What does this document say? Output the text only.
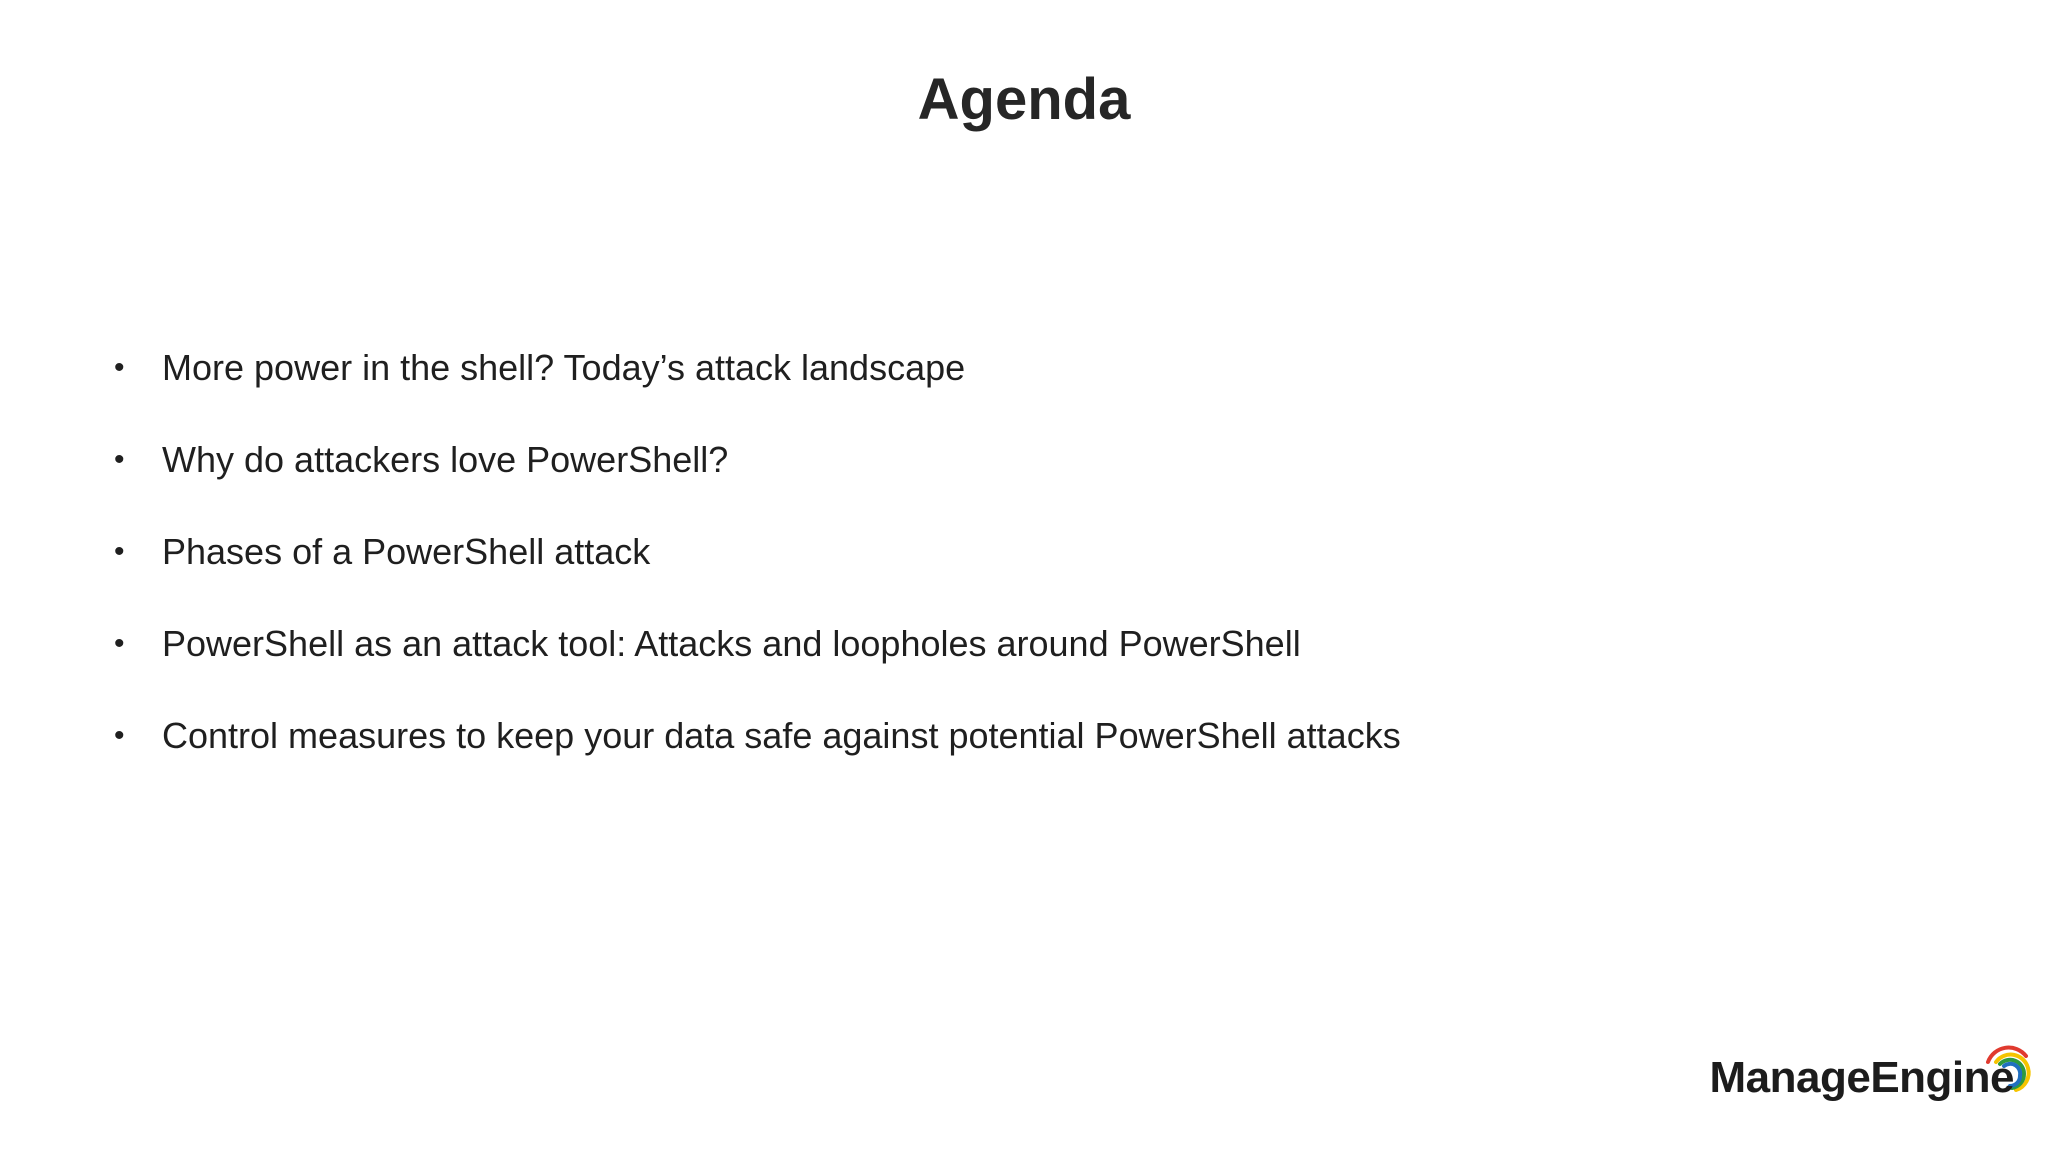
Agenda
•	More power in the shell? Today’s attack landscape
•	Why do attackers love PowerShell?
•	Phases of a PowerShell attack
•	PowerShell as an attack tool: Attacks and loopholes around PowerShell
•	Control measures to keep your data safe against potential PowerShell attacks
ManageEngine
